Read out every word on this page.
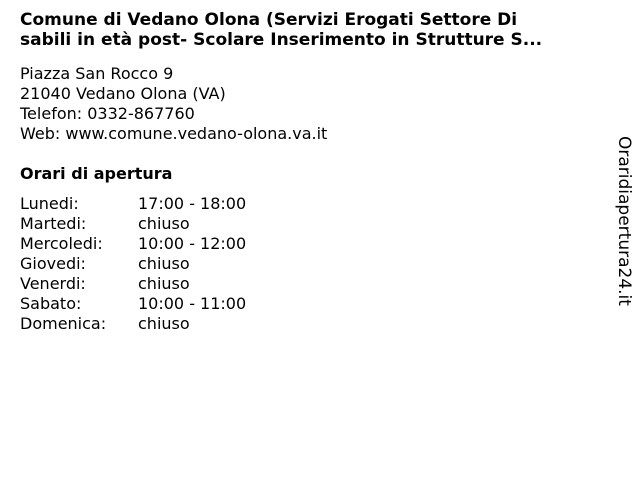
Comune di Vedano Olona (Servizi Erogati Settore Di
sabili in età post- Scolare Inserimento in Strutture S...
Piazza San Rocco 9
21040 Vedano Olona (VA)
Telefon: 0332-867760
Web: www.comune.vedano-olona.va.it
Orari di apertura
Lunedi:	17:00 - 18:00
Martedi:	chiuso
Mercoledi: 10:00 - 12:00
Giovedi:	chiuso
Venerdi:	chiuso
Sabato:	10:00 - 11:00
Domenica: chiuso
Oraridiapertura24.it
